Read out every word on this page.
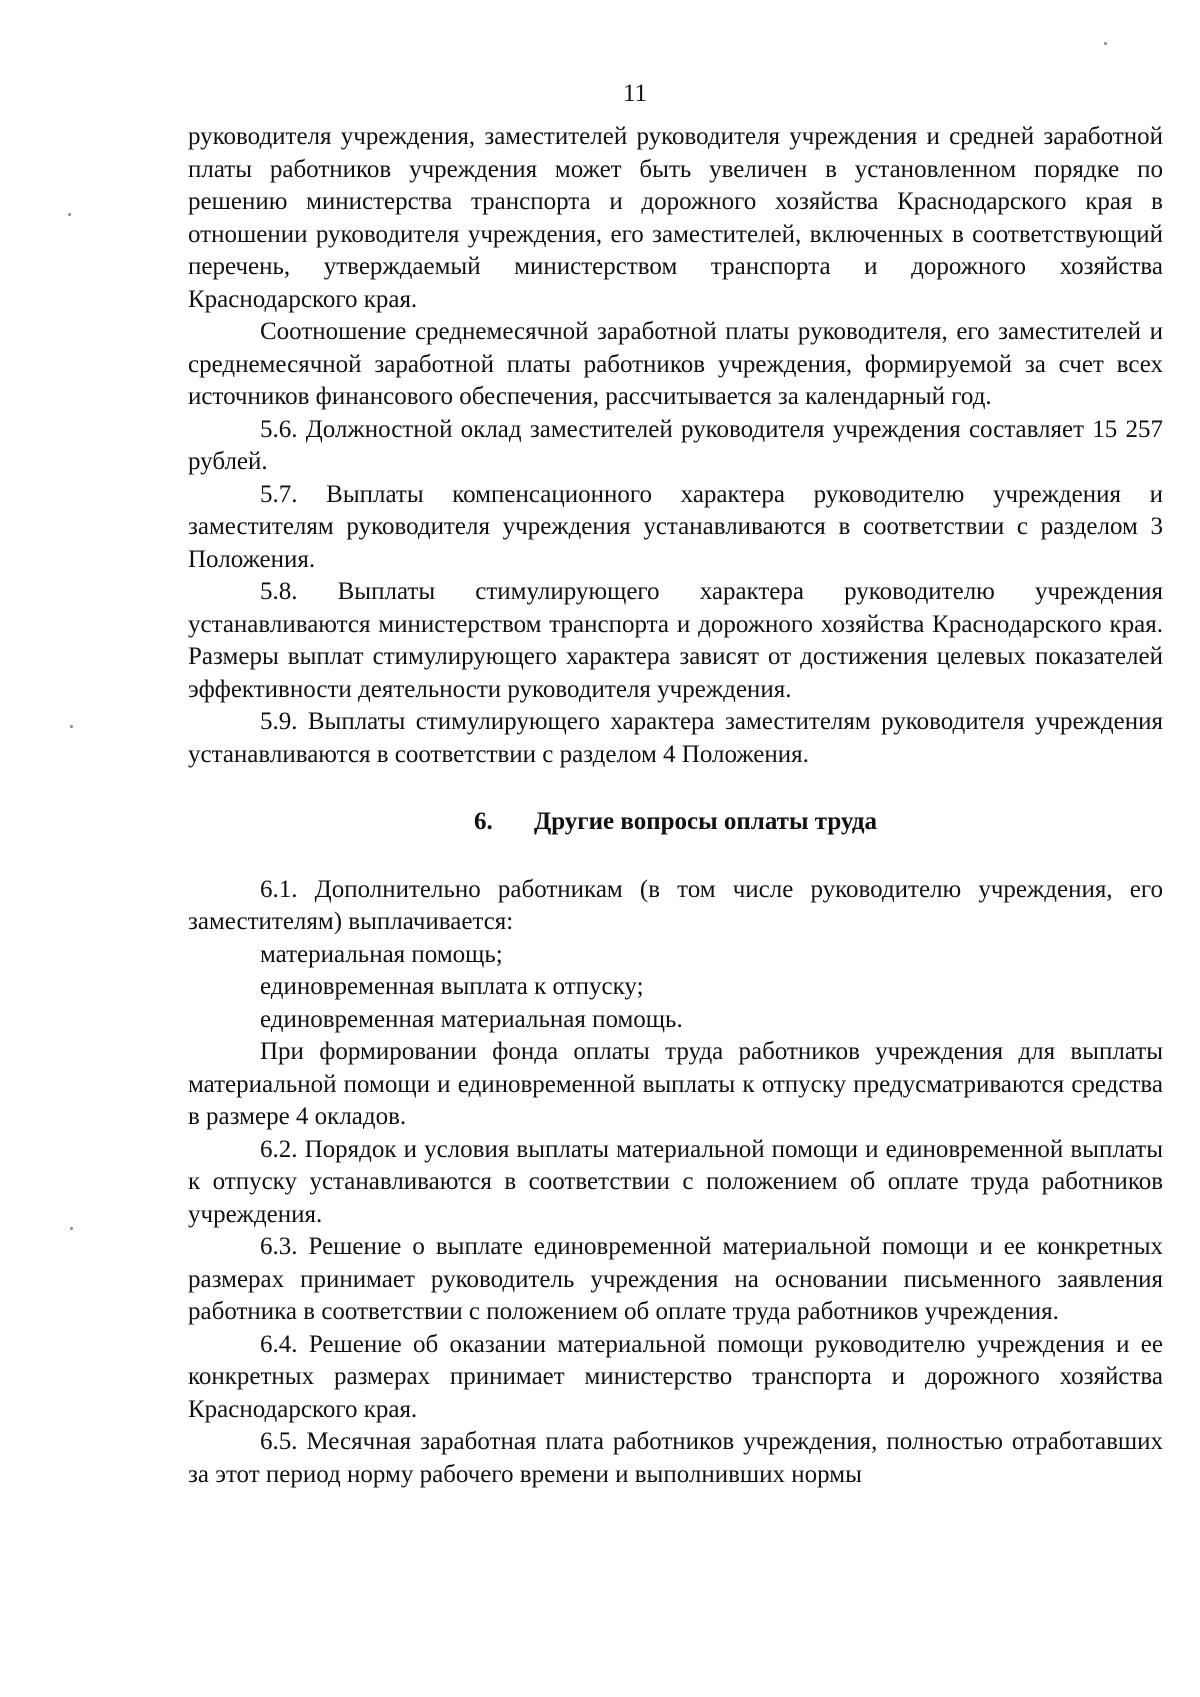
11

руководителя учреждения, заместителей руководителя учреждения и средней заработной платы работников учреждения может быть увеличен в установленном порядке по решению министерства транспорта и дорожного хозяйства Краснодарского края в отношении руководителя учреждения, его заместителей, включенных в соответствующий перечень, утверждаемый министерством транспорта и дорожного хозяйства Краснодарского края.

Соотношение среднемесячной заработной платы руководителя, его заместителей и среднемесячной заработной платы работников учреждения, формируемой за счет всех источников финансового обеспечения, рассчитывается за календарный год.

5.6. Должностной оклад заместителей руководителя учреждения составляет 15 257 рублей.

5.7. Выплаты компенсационного характера руководителю учреждения и заместителям руководителя учреждения устанавливаются в соответствии с разделом 3 Положения.

5.8. Выплаты стимулирующего характера руководителю учреждения устанавливаются министерством транспорта и дорожного хозяйства Краснодарского края. Размеры выплат стимулирующего характера зависят от достижения целевых показателей эффективности деятельности руководителя учреждения.

5.9. Выплаты стимулирующего характера заместителям руководителя учреждения устанавливаются в соответствии с разделом 4 Положения.

6. Другие вопросы оплаты труда

6.1. Дополнительно работникам (в том числе руководителю учреждения, его заместителям) выплачивается:

материальная помощь;

единовременная выплата к отпуску;

единовременная материальная помощь.

При формировании фонда оплаты труда работников учреждения для выплаты материальной помощи и единовременной выплаты к отпуску предусматриваются средства в размере 4 окладов.

6.2. Порядок и условия выплаты материальной помощи и единовременной выплаты к отпуску устанавливаются в соответствии с положением об оплате труда работников учреждения.

6.3. Решение о выплате единовременной материальной помощи и ее конкретных размерах принимает руководитель учреждения на основании письменного заявления работника в соответствии с положением об оплате труда работников учреждения.

6.4. Решение об оказании материальной помощи руководителю учреждения и ее конкретных размерах принимает министерство транспорта и дорожного хозяйства Краснодарского края.

6.5. Месячная заработная плата работников учреждения, полностью отработавших за этот период норму рабочего времени и выполнивших нормы
